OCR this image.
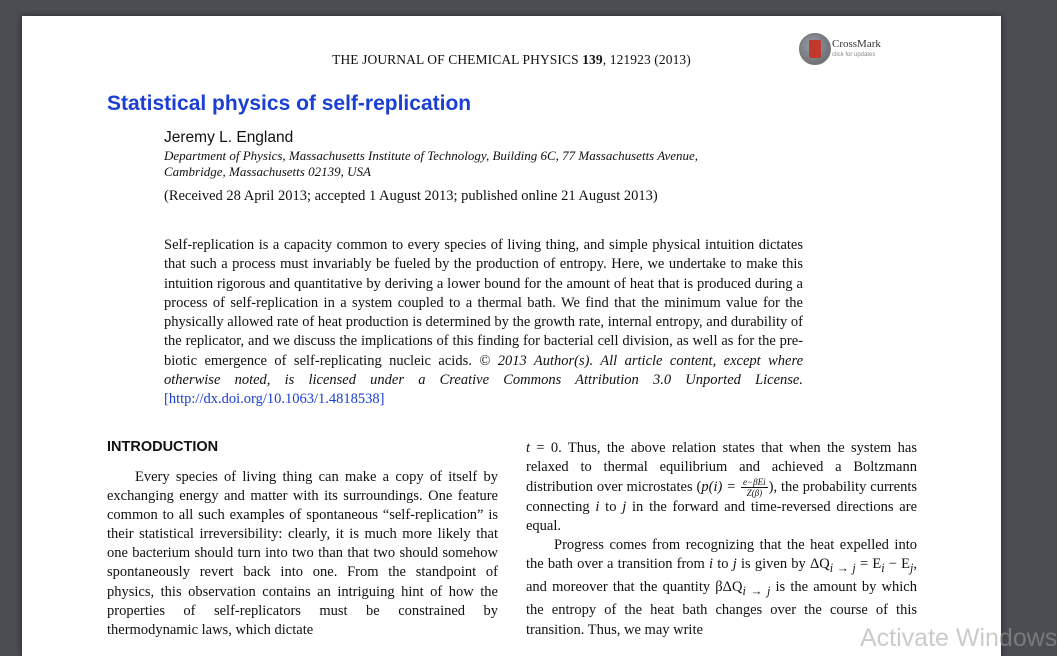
THE JOURNAL OF CHEMICAL PHYSICS 139, 121923 (2013)
CrossMark
click for updates
Statistical physics of self-replication
Jeremy L. England
Department of Physics, Massachusetts Institute of Technology, Building 6C, 77 Massachusetts Avenue,
Cambridge, Massachusetts 02139, USA
(Received 28 April 2013; accepted 1 August 2013; published online 21 August 2013)
Self-replication is a capacity common to every species of living thing, and simple physical intuition dictates that such a process must invariably be fueled by the production of entropy. Here, we undertake to make this intuition rigorous and quantitative by deriving a lower bound for the amount of heat that is produced during a process of self-replication in a system coupled to a thermal bath. We find that the minimum value for the physically allowed rate of heat production is determined by the growth rate, internal entropy, and durability of the replicator, and we discuss the implications of this finding for bacterial cell division, as well as for the pre-biotic emergence of self-replicating nucleic acids. © 2013 Author(s). All article content, except where otherwise noted, is licensed under a Creative Commons Attribution 3.0 Unported License. [http://dx.doi.org/10.1063/1.4818538]
INTRODUCTION
Every species of living thing can make a copy of itself by exchanging energy and matter with its surroundings. One feature common to all such examples of spontaneous “self-replication” is their statistical irreversibility: clearly, it is much more likely that one bacterium should turn into two than that two should somehow spontaneously revert back into one. From the standpoint of physics, this observation contains an intriguing hint of how the properties of self-replicators must be constrained by thermodynamic laws, which dictate

t = 0. Thus, the above relation states that when the system has relaxed to thermal equilibrium and achieved a Boltzmann distribution over microstates ($p(i) = \frac{\text{e−βEi}}{Z(\beta)}$ ), the probability currents connecting i to j in the forward and time-reversed directions are equal.

Progress comes from recognizing that the heat expelled into the bath over a transition from i to j is given by $\Delta Q_{i \to j} = E_i - E_j$, and moreover that the quantity βΔQ$_{i \to j}$ is the amount by which the entropy of the heat bath changes over the course of this transition. Thus, we may write	Activate Windows
